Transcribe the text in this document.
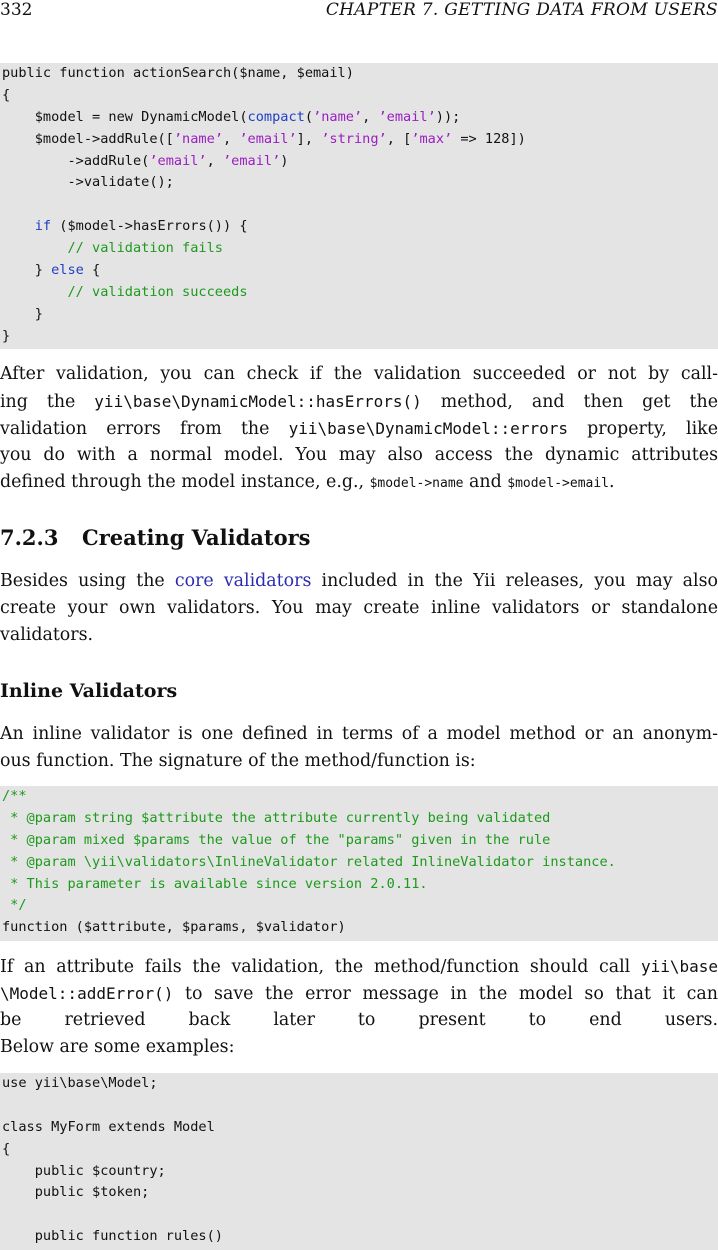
332	CHAPTER 7. GETTING DATA FROM USERS
public function actionSearch($name, $email)
{
$model = new DynamicModel(compact(’name’, ’email’));
$model->addRule([’name’, ’email’], ’string’, [’max’ => 128])
->addRule(’email’, ’email’)
->validate();
if ($model->hasErrors()) {
// validation fails
} else {
// validation succeeds
}
}
After validation, you can check if the validation succeeded or not by call-
ing the yii\base\DynamicModel::hasErrors() method, and then get the
validation errors from the yii\base\DynamicModel::errors property, like
you do with a normal model. You may also access the dynamic attributes
defined through the model instance, e.g., $model->name and $model->email.
7.2.3 Creating Validators
Besides using the core validators included in the Yii releases, you may also
create your own validators. You may create inline validators or standalone
validators.
Inline Validators
An inline validator is one defined in terms of a model method or an anonym-
ous function. The signature of the method/function is:
/**
* @param string $attribute the attribute currently being validated
* @param mixed $params the value of the "params" given in the rule
* @param \yii\validators\InlineValidator related InlineValidator instance.
* This parameter is available since version 2.0.11.
*/
function ($attribute, $params, $validator)
If an attribute fails the validation, the method/function should call yii\base
\Model::addError() to save the error message in the model so that it can
be retrieved back later to present to end users.
Below are some examples:
use yii\base\Model;
class MyForm extends Model
{
public $country;
public $token;
public function rules()
